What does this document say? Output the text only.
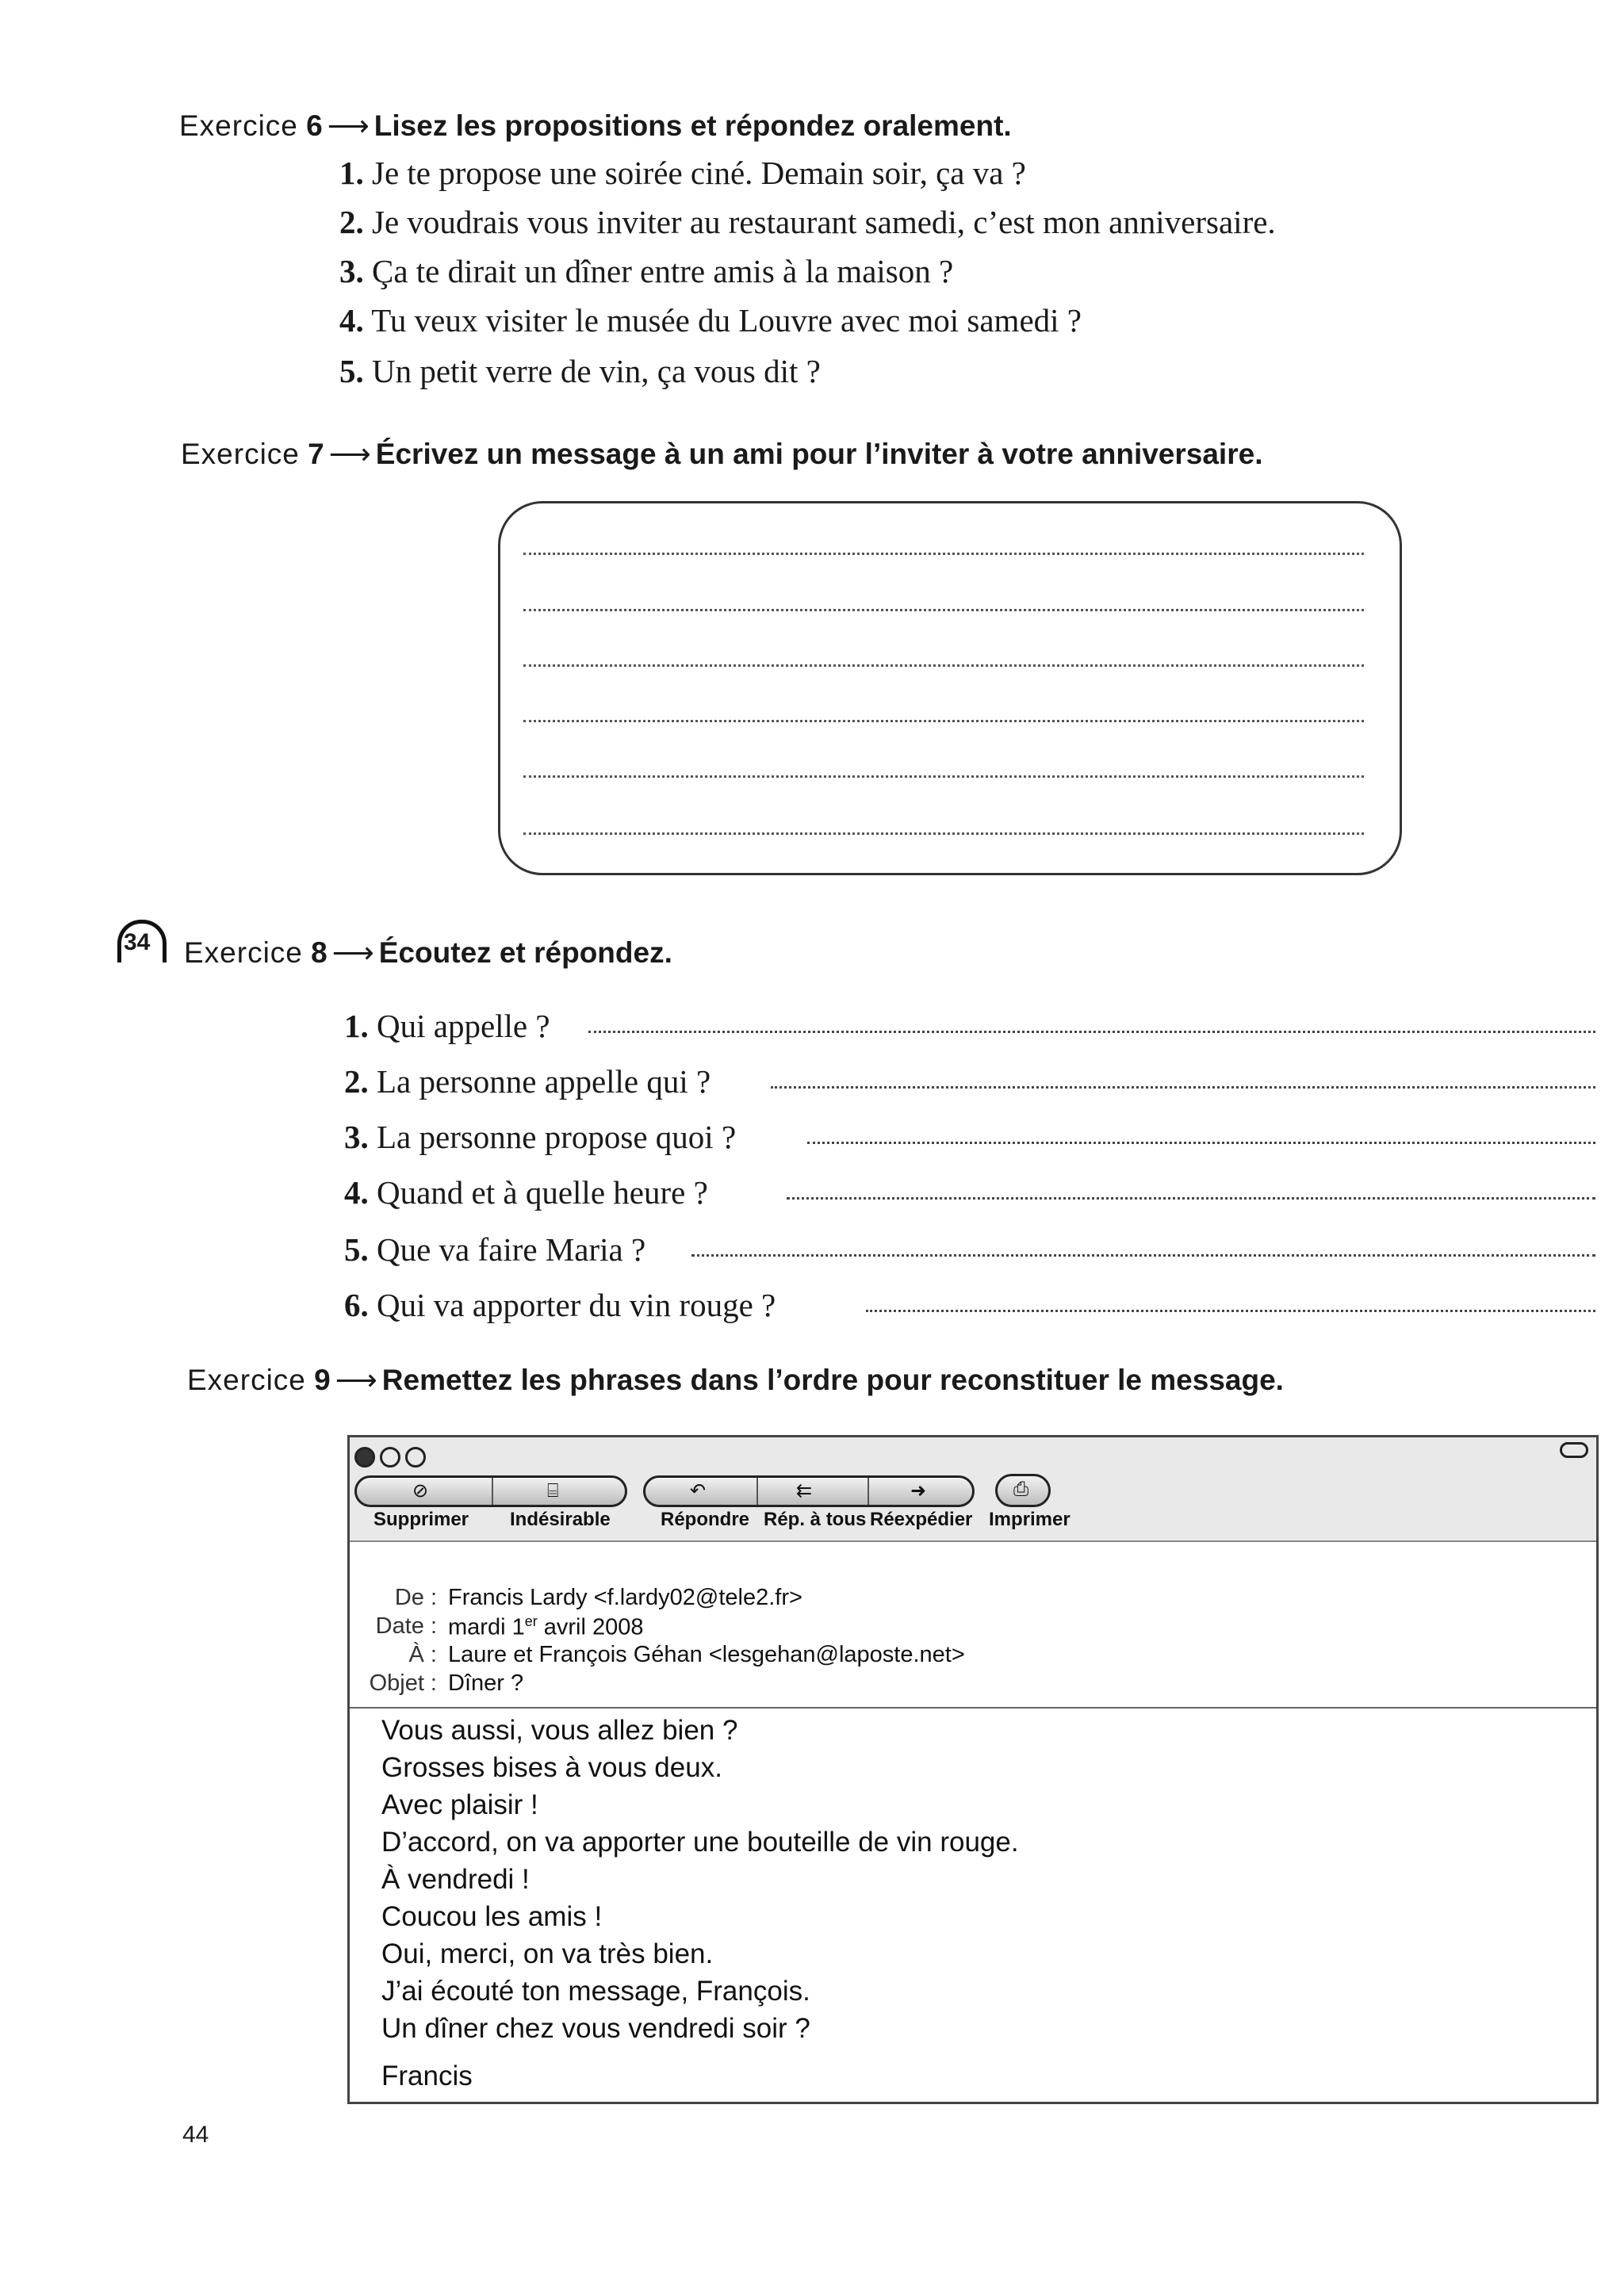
Exercice 6 ⟶ Lisez les propositions et répondez oralement.
1. Je te propose une soirée ciné. Demain soir, ça va ?
2. Je voudrais vous inviter au restaurant samedi, c’est mon anniversaire.
3. Ça te dirait un dîner entre amis à la maison ?
4. Tu veux visiter le musée du Louvre avec moi samedi ?
5. Un petit verre de vin, ça vous dit ?
Exercice 7 ⟶ Écrivez un message à un ami pour l’inviter à votre anniversaire.
34 Exercice 8 ⟶ Écoutez et répondez.
1. Qui appelle ?
2. La personne appelle qui ?
3. La personne propose quoi ?
4. Quand et à quelle heure ?
5. Que va faire Maria ?
6. Qui va apporter du vin rouge ?
Exercice 9 ⟶ Remettez les phrases dans l’ordre pour reconstituer le message.
⊘	⌸	↶	⇇	➜	⎙
Supprimer Indésirable	Répondre Rép. à tous Réexpédier Imprimer
De : Francis Lardy <f.lardy02@tele2.fr>
Date : mardi 1er avril 2008
À : Laure et François Géhan <lesgehan@laposte.net>
Objet : Dîner ?
Vous aussi, vous allez bien ?
Grosses bises à vous deux.
Avec plaisir !
D’accord, on va apporter une bouteille de vin rouge.
À vendredi !
Coucou les amis !
Oui, merci, on va très bien.
J’ai écouté ton message, François.
Un dîner chez vous vendredi soir ?
Francis
44
